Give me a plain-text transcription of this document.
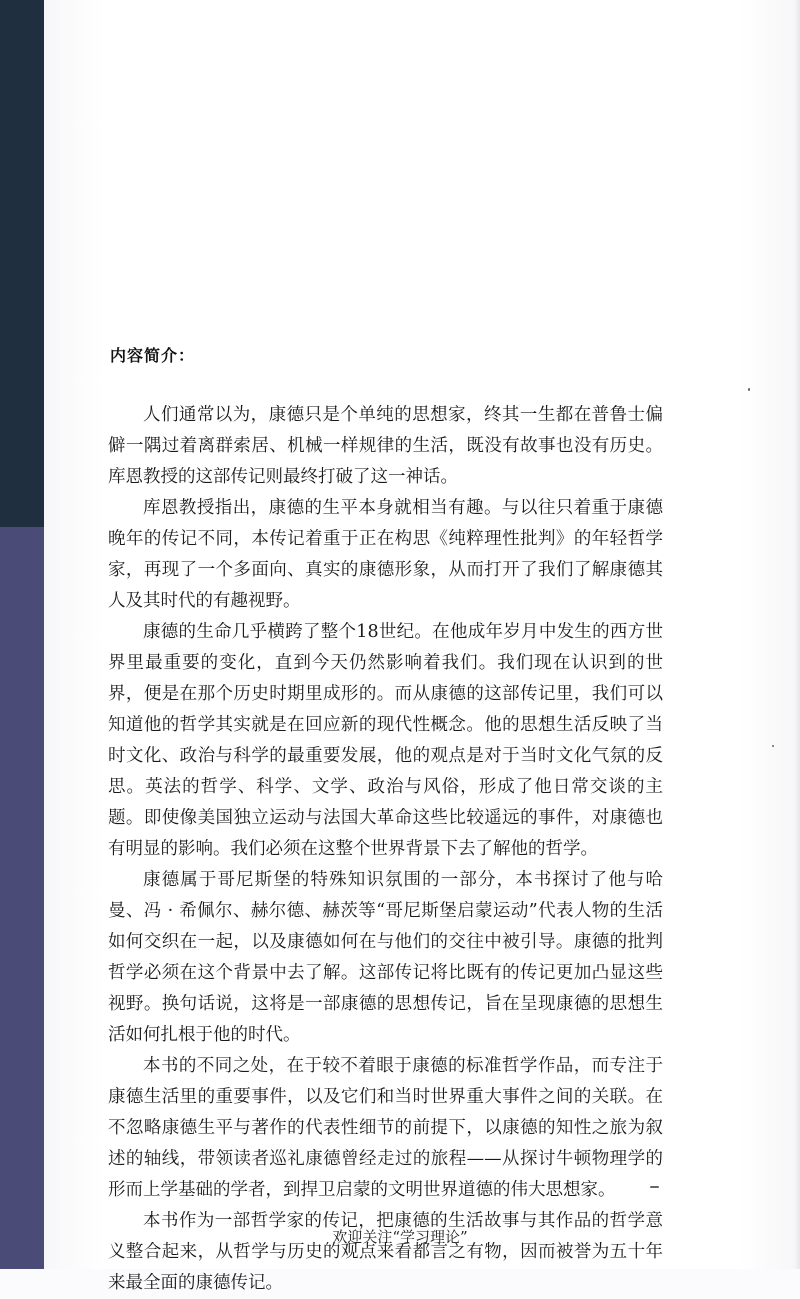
内容简介：

人们通常以为，康德只是个单纯的思想家，终其一生都在普鲁士偏僻一隅过着离群索居、机械一样规律的生活，既没有故事也没有历史。库恩教授的这部传记则最终打破了这一神话。

库恩教授指出，康德的生平本身就相当有趣。与以往只着重于康德晚年的传记不同，本传记着重于正在构思《纯粹理性批判》的年轻哲学家，再现了一个多面向、真实的康德形象，从而打开了我们了解康德其人及其时代的有趣视野。

康德的生命几乎横跨了整个18世纪。在他成年岁月中发生的西方世界里最重要的变化，直到今天仍然影响着我们。我们现在认识到的世界，便是在那个历史时期里成形的。而从康德的这部传记里，我们可以知道他的哲学其实就是在回应新的现代性概念。他的思想生活反映了当时文化、政治与科学的最重要发展，他的观点是对于当时文化气氛的反思。英法的哲学、科学、文学、政治与风俗，形成了他日常交谈的主题。即使像美国独立运动与法国大革命这些比较遥远的事件，对康德也有明显的影响。我们必须在这整个世界背景下去了解他的哲学。

康德属于哥尼斯堡的特殊知识氛围的一部分，本书探讨了他与哈曼、冯 · 希佩尔、赫尔德、赫茨等“哥尼斯堡启蒙运动”代表人物的生活如何交织在一起，以及康德如何在与他们的交往中被引导。康德的批判哲学必须在这个背景中去了解。这部传记将比既有的传记更加凸显这些视野。换句话说，这将是一部康德的思想传记，旨在呈现康德的思想生活如何扎根于他的时代。

本书的不同之处，在于较不着眼于康德的标准哲学作品，而专注于康德生活里的重要事件，以及它们和当时世界重大事件之间的关联。在不忽略康德生平与著作的代表性细节的前提下，以康德的知性之旅为叙述的轴线，带领读者巡礼康德曾经走过的旅程——从探讨牛顿物理学的形而上学基础的学者，到捍卫启蒙的文明世界道德的伟大思想家。

本书作为一部哲学家的传记，把康德的生活故事与其作品的哲学意义整合起来，从哲学与历史的观点来看都言之有物，因而被誉为五十年来最全面的康德传记。

欢迎关注“学习理论”
